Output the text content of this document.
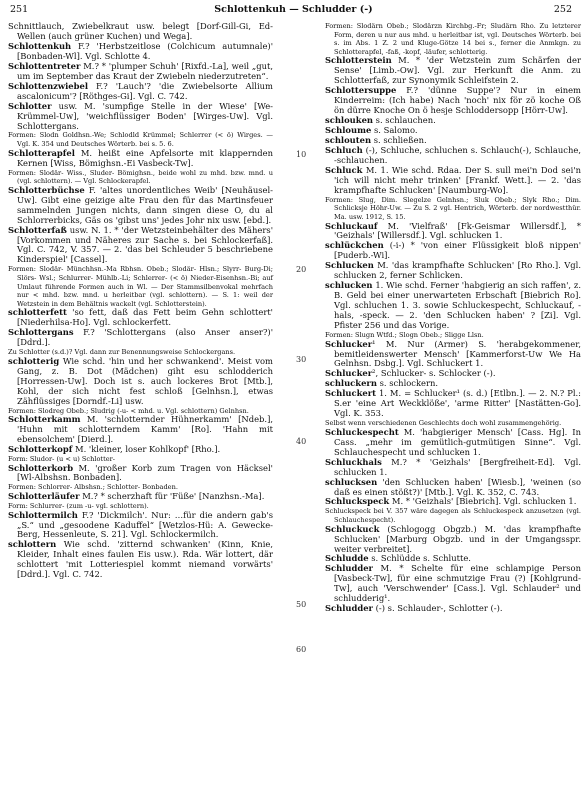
251	Schlottenkuh — Schludder (-)	252
Schnittlauch, Zwiebelkraut usw. belegt [Dorf-Gill-Gi, Ed-Wellen (auch grüner Kuchen) und Wega].
Schlottenkuh F.? 'Herbstzeitlose (Colchicum autumnale)' [Bonbaden-Wl]. Vgl. Schlotte 4.
Schlottentreter M.? * 'plumper Schuh' [Rixfd.-La], weil „gut, um im September das Kraut der Zwiebeln niederzutreten“.
Schlottenzwiebel F.? 'Lauch'? 'die Zwiebelsorte Allium ascalonicum'? [Röthges-Gi]. Vgl. C. 742.
Schlotter usw. M. 'sumpfige Stelle in der Wiese' [We-Krümmel-Uw], 'weichflüssiger Boden' [Wirges-Uw]. Vgl. Schlottergans.
Formen: Slodn Goldhsn.-We; Schlodld Krümmel; Schlerrer (< ö) Wirges. — Vgl. K. 354 und Deutsches Wörterb. bei s. 5. 6.
Schlotterapfel M. heißt eine Apfelsorte mit klappernden Kernen [Wiss, Bömighsn.-Ei Vasbeck-Tw].
Formen: Slodär- Wiss., Sluder- Bömighsn., beide wohl zu mhd. bzw. mnd. u (vgl. schlottern). — Vgl. Schlockerapfel.
Schlotterbüchse F. 'altes unordentliches Weib' [Neuhäusel-Uw]. Gibt eine geizige alte Frau den für das Martinsfeuer sammelnden Jungen nichts, dann singen diese O, du al Schlorrerbicks, Gäs os 'gibst uns' jedes Johr nix usw. [ebd.].
Schlotterfaß usw. N. 1. * 'der Wetzsteinbehälter des Mähers' [Vorkommen und Näheres zur Sache s. bei Schlockerfaß]. Vgl. C. 742, V. 357. — 2. 'das bei Schleuder 5 beschriebene Kinderspiel' [Cassel].
Formen: Slodär- Münchhsn.-Ma Rbhsn. Obeb.; Slodär- Hlsn.; Slyrr- Burg-Di; Slörs- Wsl.; Schlurrer- Mühlb.-Li; Schlerrer- (< ö) Nieder-Eisenhsn.-Bi; auf Umlaut führende Formen auch in Wl. — Der Stammsilbenvokal mehrfach nur < mhd. bzw. mnd. u herleitbar (vgl. schlottern). — S. 1: weil der Wetzstein in dem Behältnis wackelt (vgl. Schlotterstein).
schlotterfett 'so fett, daß das Fett beim Gehn schlottert' [Niederhilsa-Ho]. Vgl. schlockerfett.
Schlottergans F.? 'Schlottergans (also Anser anser?)' [Ddrd.].
Zu Schlotter (s.d.)? Vgl. dann zur Benennungsweise Schlockergans.
schlotterig Wie schd. 'hin und her schwankend'. Meist vom Gang, z. B. Dot (Mädchen) giht esu schlodderich [Horressen-Uw]. Doch ist s. auch lockeres Brot [Mtb.], Kohl, der sich nicht fest schloß [Gelnhsn.], etwas Zähflüssiges [Dorndf.-Li] usw.
Formen: Slodreg Obeb.; Sludrig (-u- < mhd. u. Vgl. schlottern) Gelnhsn.
Schlotterkamm M. 'schlotternder Hühnerkamm' [Ndeb.], 'Huhn mit schlotterndem Kamm' [Ro]. 'Hahn mit ebensolchem' [Dierd.].
Schlotterkopf M. 'kleiner, loser Kohlkopf' [Rho.].
Form: Sludor- (u < u) Schlotter-
Schlotterkorb M. 'großer Korb zum Tragen von Häcksel' [Wl-Albshsn. Bonbaden].
Formen: Schlorrer- Albshsn.; Schlotter- Bonbaden.
Schlotterläufer M.? * scherzhaft für 'Füße' [Nanzhsn.-Ma].
Form: Schlurrer- (zum -u- vgl. schlottern).
Schlottermilch F.? 'Dickmilch'. Nur: …für die andern gab's „S.“ und „gesoodene Kaduffel“ [Wetzlos-Hü: A. Gewecke-Berg, Hessenleute, S. 21]. Vgl. Schlockermilch.
schlottern Wie schd. 'zitternd schwanken' (Kinn, Knie, Kleider, Inhalt eines faulen Eis usw.). Rda. Wär lottert, där schlottert 'mit Lotteriespiel kommt niemand vorwärts' [Ddrd.]. Vgl. C. 742.
Formen: Slodärn Obeb.; Slodärzn Kirchbg.-Fr; Sludärn Rho. Zu letzterer Form, deren u nur aus mhd. u herleitbar ist, vgl. Deutsches Wörterb. bei s. im Abs. 1 Z. 2 und Kluge-Götze 14 bei s., ferner die Anmkgn. zu Schlotterapfel, -faß, -kopf, -läufer, schlotterig.
Schlotterstein M. * 'der Wetzstein zum Schärfen der Sense' [Limb.-Ow]. Vgl. zur Herkunft die Anm. zu Schlotterfaß, zur Synonymik Schleifstein 2.
Schlottersuppe F.? 'dünne Suppe'? Nur in einem Kinderreim: (Ich habe) Nach 'noch' nix för zö koche Oß ön dürre Knoche On ö hesje Schloddersopp [Hörr-Uw].
schlouken s. schlauchen.
Schloume s. Salomo.
schlouten s. schließen.
Schluch (-), Schluche, schluchen s. Schlauch(-), Schlauche, -schlauchen.
Schluck M. 1. Wie schd. Rdaa. Der S. sull mei'n Dod sei'n 'ich will nicht mehr trinken' [Frankf. Wett.]. — 2. 'das krampfhafte Schlucken' [Naumburg-Wo].
Formen: Slug, Dim. Slegelze Gelnhsn.; Sluk Obeb.; Slyk Rho.; Dim. Schlicksje Höhr-Uw. — Zu S. 2 vgl. Hentrich, Wörterb. der nordwestthür. Ma. usw. 1912, S. 15.
Schluckauf M. 'Vielfraß' [Fk-Geismar Willersdf.], * 'Geizhals' [Willersdf.]. Vgl. schlucken 1.
schlückchen (-i-) * 'von einer Flüssigkeit bloß nippen' [Puderb.-Wi].
Schlucken M. 'das krampfhafte Schlucken' [Ro Rho.]. Vgl. schlucken 2, ferner Schlicken.
schlucken 1. Wie schd. Ferner 'habgierig an sich raffen', z. B. Geld bei einer unerwarteten Erbschaft [Biebrich Ro]. Vgl. schluchen 1. 3. sowie Schluckespecht, Schluckauf, -hals, -speck. — 2. 'den Schlucken haben' ? [Zi]. Vgl. Pfister 256 und das Vorige.
Formen: Slugn Wtfd.; Slogn Obeb.; Sligge Llsn.
Schlucker¹ M. Nur (Armer) S. 'herabgekommener, bemitleidenswerter Mensch' [Kammerforst-Uw We Ha Gelnhsn. Dsbg.]. Vgl. Schluckert 1.
Schlucker², Schlucker- s. Schlocker (-).
schluckern s. schlockern.
Schluckert 1. M. = Schlucker¹ (s. d.) [Etlbn.]. — 2. N.? Pl.: S.er 'eine Art Weckklöße', 'arme Ritter' [Nastätten-Go]. Vgl. K. 353.
Selbst wenn verschiedenen Geschlechts doch wohl zusammengehörig.
Schluckespecht M. 'habgieriger Mensch' [Cass. Hg]. In Cass. „mehr im gemütlich-gutmütigen Sinne“. Vgl. Schlauchespecht und schlucken 1.
Schluckhals M.? * 'Geizhals' [Bergfreiheit-Ed]. Vgl. schlucken 1.
schlucksen 'den Schlucken haben' [Wiesb.], 'weinen (so daß es einen stößt?)' [Mtb.]. Vgl. K. 352, C. 743.
Schluckspeck M. * 'Geizhals' [Biebrich]. Vgl. schlucken 1.
Schluckspeck bei V. 357 wäre dagegen als Schluckespeck anzusetzen (vgl. Schlauchespecht).
Schluckuck (Schlogogg Obgzb.) M. 'das krampfhafte Schlucken' [Marburg Obgzb. und in der Umgangsspr. weiter verbreitet].
Schludde s. Schlüdde s. Schlutte.
Schludder M. * Schelte für eine schlampige Person [Vasbeck-Tw], für eine schmutzige Frau (?) [Kohlgrund-Tw], auch 'Verschwender' [Cass.]. Vgl. Schlauder² und schludderig¹.
Schludder (-) s. Schlauder-, Schlotter (-).
10
20
30
40
50
60
